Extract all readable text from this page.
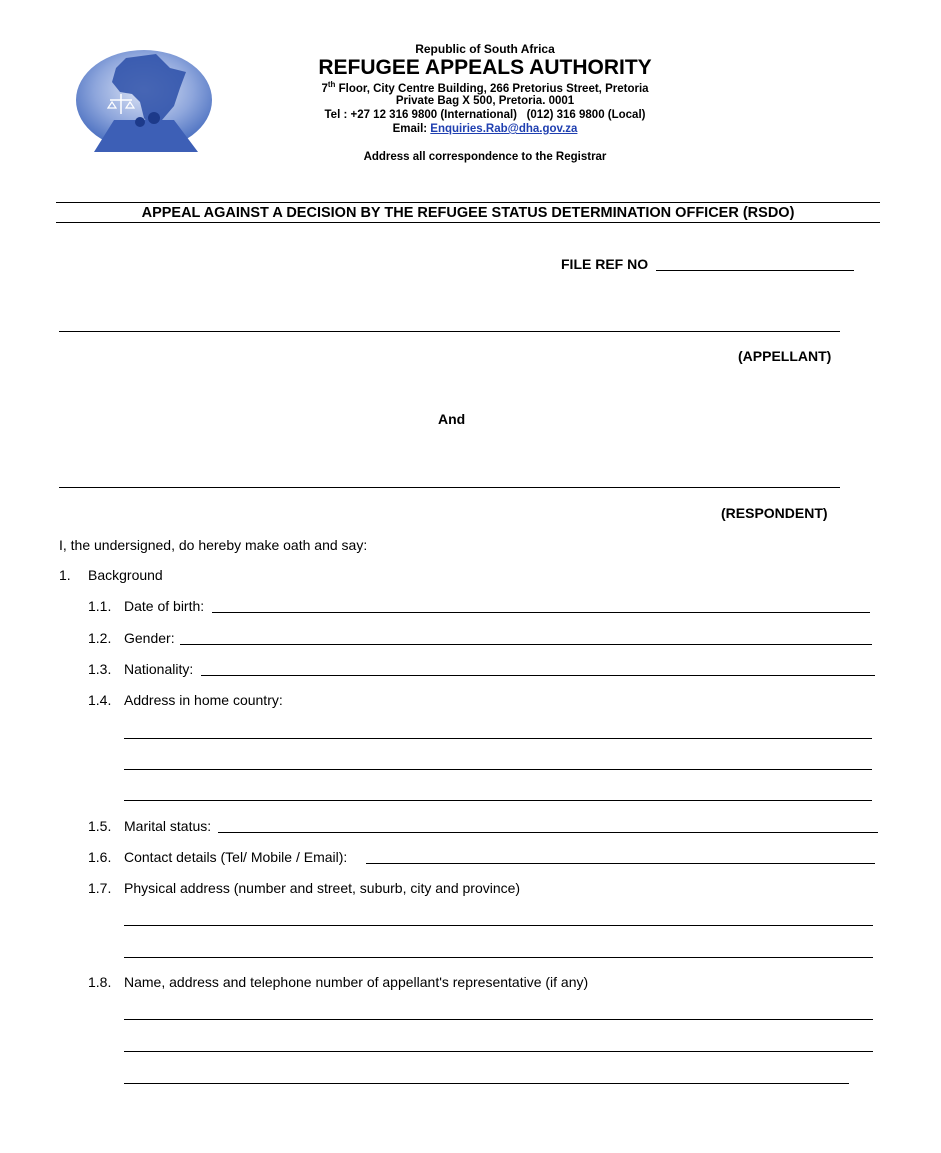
Republic of South Africa
REFUGEE APPEALS AUTHORITY
7th Floor, City Centre Building, 266 Pretorius Street, Pretoria
Private Bag X 500, Pretoria. 0001
Tel : +27 12 316 9800 (International)   (012) 316 9800 (Local)
Email: Enquiries.Rab@dha.gov.za
Address all correspondence to the Registrar
APPEAL AGAINST A DECISION BY THE REFUGEE STATUS DETERMINATION OFFICER (RSDO)
FILE REF NO
(APPELLANT)
And
(RESPONDENT)
I, the undersigned, do hereby make oath and say:
1. Background
1.1. Date of birth:
1.2. Gender:
1.3. Nationality:
1.4. Address in home country:
1.5. Marital status:
1.6. Contact details (Tel/ Mobile / Email):
1.7. Physical address (number and street, suburb, city and province)
1.8. Name, address and telephone number of appellant's representative (if any)
